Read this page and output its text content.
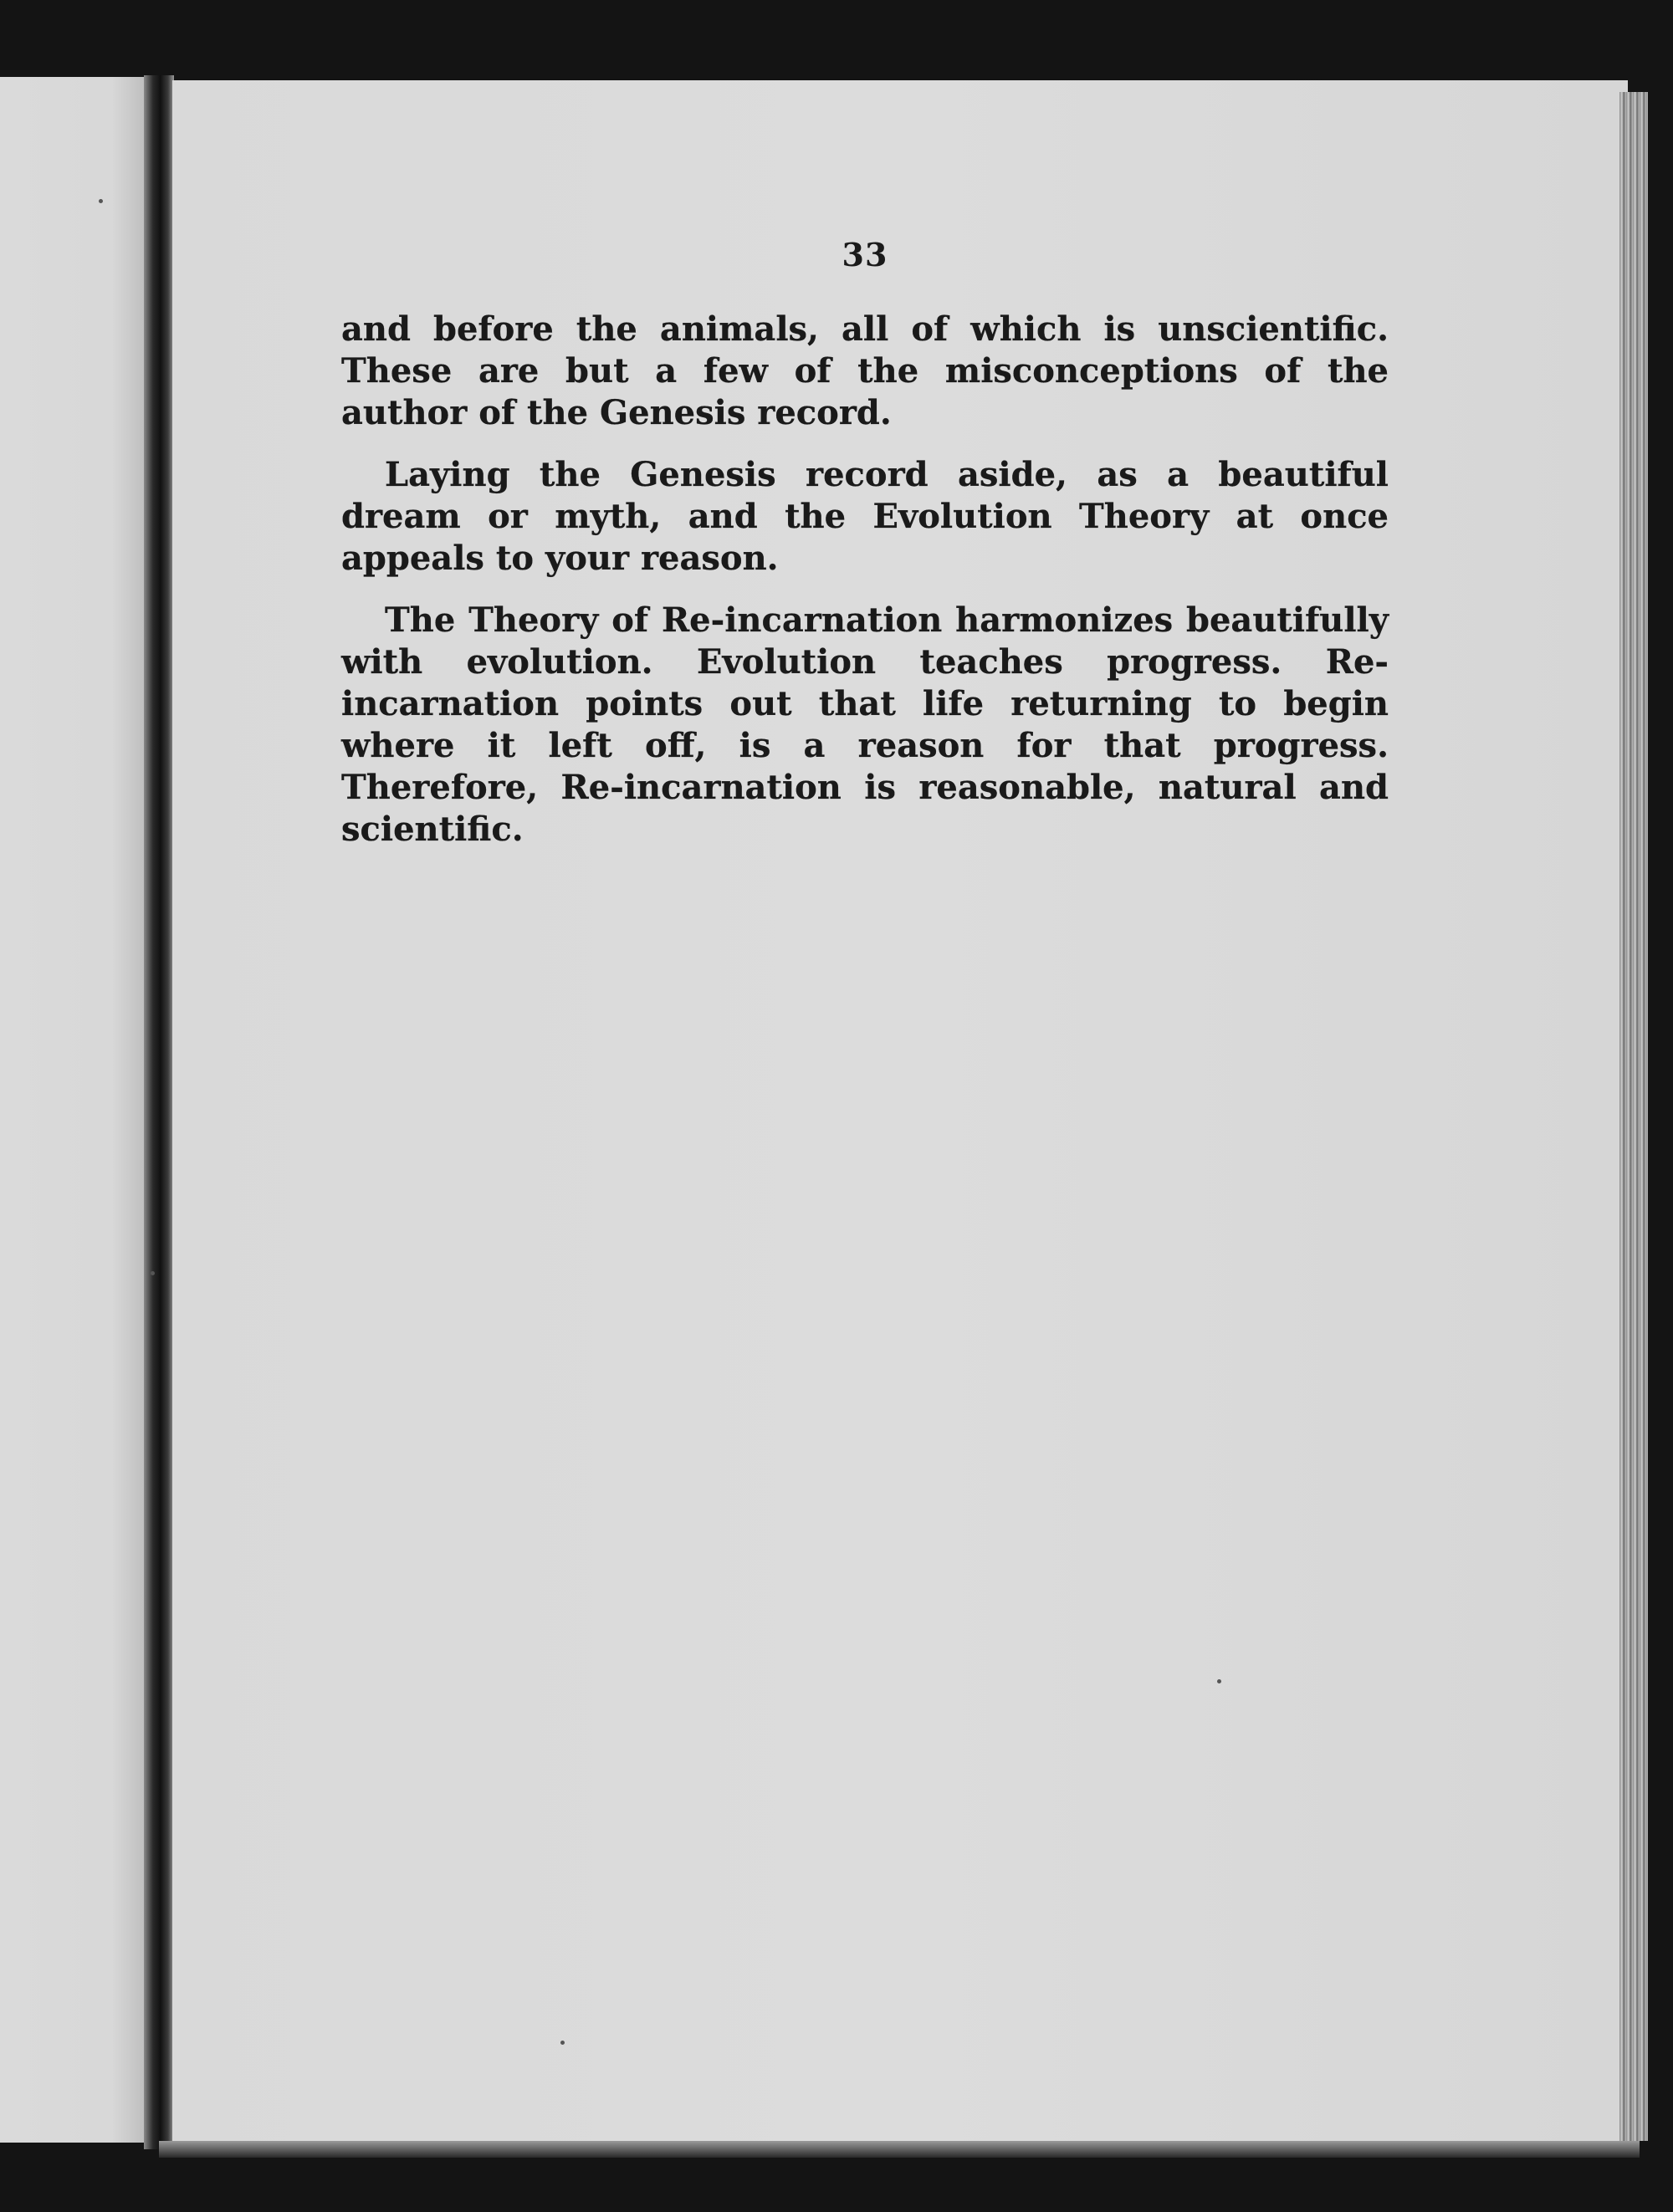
33

and before the animals, all of which is unscientific. These are but a few of the misconceptions of the author of the Genesis record.

Laying the Genesis record aside, as a beautiful dream or myth, and the Evolution Theory at once appeals to your reason.

The Theory of Re-incarnation harmonizes beautifully with evolution. Evolution teaches progress. Re-incarnation points out that life returning to begin where it left off, is a reason for that progress. Therefore, Re-incarnation is reasonable, natural and scientific.
